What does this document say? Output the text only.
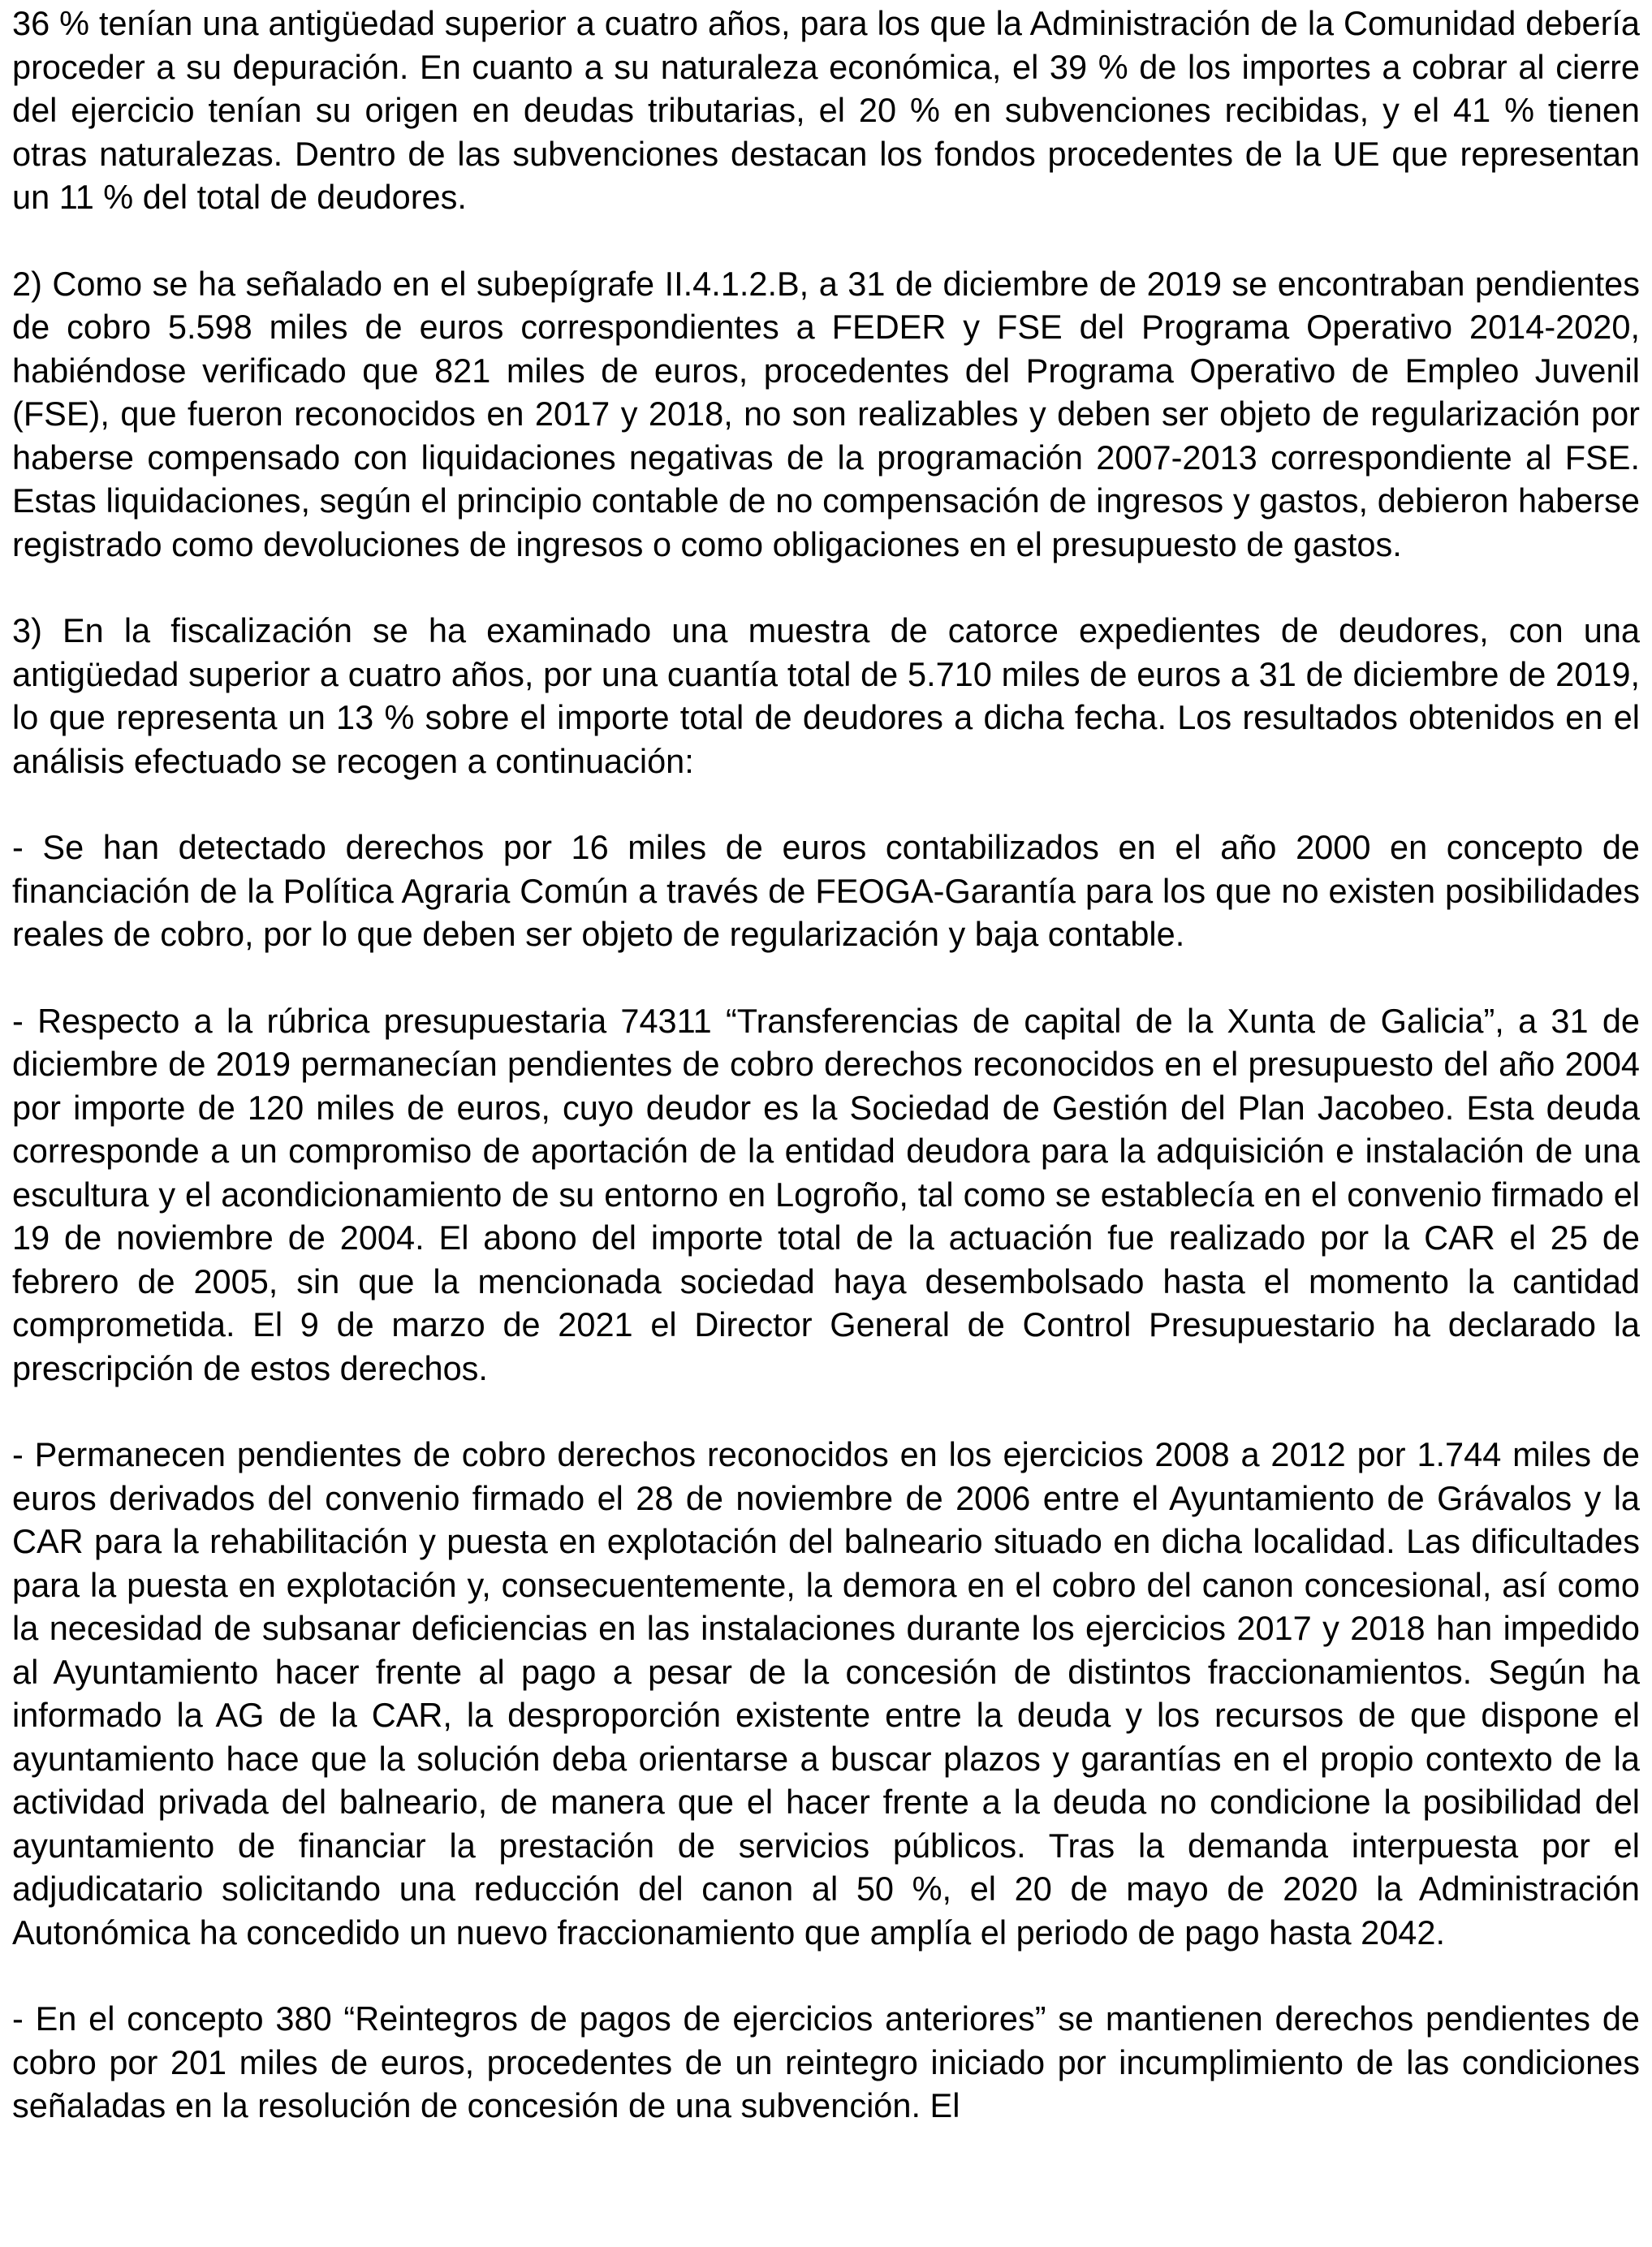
36 % tenían una antigüedad superior a cuatro años, para los que la Administración de la Comunidad debería proceder a su depuración. En cuanto a su naturaleza económica, el 39 % de los importes a cobrar al cierre del ejercicio tenían su origen en deudas tributarias, el 20 % en subvenciones recibidas, y el 41 % tienen otras naturalezas. Dentro de las subvenciones destacan los fondos procedentes de la UE que representan un 11 % del total de deudores.

2) Como se ha señalado en el subepígrafe II.4.1.2.B, a 31 de diciembre de 2019 se encontraban pendientes de cobro 5.598 miles de euros correspondientes a FEDER y FSE del Programa Operativo 2014-2020, habiéndose verificado que 821 miles de euros, procedentes del Programa Operativo de Empleo Juvenil (FSE), que fueron reconocidos en 2017 y 2018, no son realizables y deben ser objeto de regularización por haberse compensado con liquidaciones negativas de la programación 2007-2013 correspondiente al FSE. Estas liquidaciones, según el principio contable de no compensación de ingresos y gastos, debieron haberse registrado como devoluciones de ingresos o como obligaciones en el presupuesto de gastos.

3) En la fiscalización se ha examinado una muestra de catorce expedientes de deudores, con una antigüedad superior a cuatro años, por una cuantía total de 5.710 miles de euros a 31 de diciembre de 2019, lo que representa un 13 % sobre el importe total de deudores a dicha fecha. Los resultados obtenidos en el análisis efectuado se recogen a continuación:

- Se han detectado derechos por 16 miles de euros contabilizados en el año 2000 en concepto de financiación de la Política Agraria Común a través de FEOGA-Garantía para los que no existen posibilidades reales de cobro, por lo que deben ser objeto de regularización y baja contable.

- Respecto a la rúbrica presupuestaria 74311 “Transferencias de capital de la Xunta de Galicia”, a 31 de diciembre de 2019 permanecían pendientes de cobro derechos reconocidos en el presupuesto del año 2004 por importe de 120 miles de euros, cuyo deudor es la Sociedad de Gestión del Plan Jacobeo. Esta deuda corresponde a un compromiso de aportación de la entidad deudora para la adquisición e instalación de una escultura y el acondicionamiento de su entorno en Logroño, tal como se establecía en el convenio firmado el 19 de noviembre de 2004. El abono del importe total de la actuación fue realizado por la CAR el 25 de febrero de 2005, sin que la mencionada sociedad haya desembolsado hasta el momento la cantidad comprometida. El 9 de marzo de 2021 el Director General de Control Presupuestario ha declarado la prescripción de estos derechos.

- Permanecen pendientes de cobro derechos reconocidos en los ejercicios 2008 a 2012 por 1.744 miles de euros derivados del convenio firmado el 28 de noviembre de 2006 entre el Ayuntamiento de Grávalos y la CAR para la rehabilitación y puesta en explotación del balneario situado en dicha localidad. Las dificultades para la puesta en explotación y, consecuentemente, la demora en el cobro del canon concesional, así como la necesidad de subsanar deficiencias en las instalaciones durante los ejercicios 2017 y 2018 han impedido al Ayuntamiento hacer frente al pago a pesar de la concesión de distintos fraccionamientos. Según ha informado la AG de la CAR, la desproporción existente entre la deuda y los recursos de que dispone el ayuntamiento hace que la solución deba orientarse a buscar plazos y garantías en el propio contexto de la actividad privada del balneario, de manera que el hacer frente a la deuda no condicione la posibilidad del ayuntamiento de financiar la prestación de servicios públicos. Tras la demanda interpuesta por el adjudicatario solicitando una reducción del canon al 50 %, el 20 de mayo de 2020 la Administración Autonómica ha concedido un nuevo fraccionamiento que amplía el periodo de pago hasta 2042.

- En el concepto 380 “Reintegros de pagos de ejercicios anteriores” se mantienen derechos pendientes de cobro por 201 miles de euros, procedentes de un reintegro iniciado por incumplimiento de las condiciones señaladas en la resolución de concesión de una subvención. El
